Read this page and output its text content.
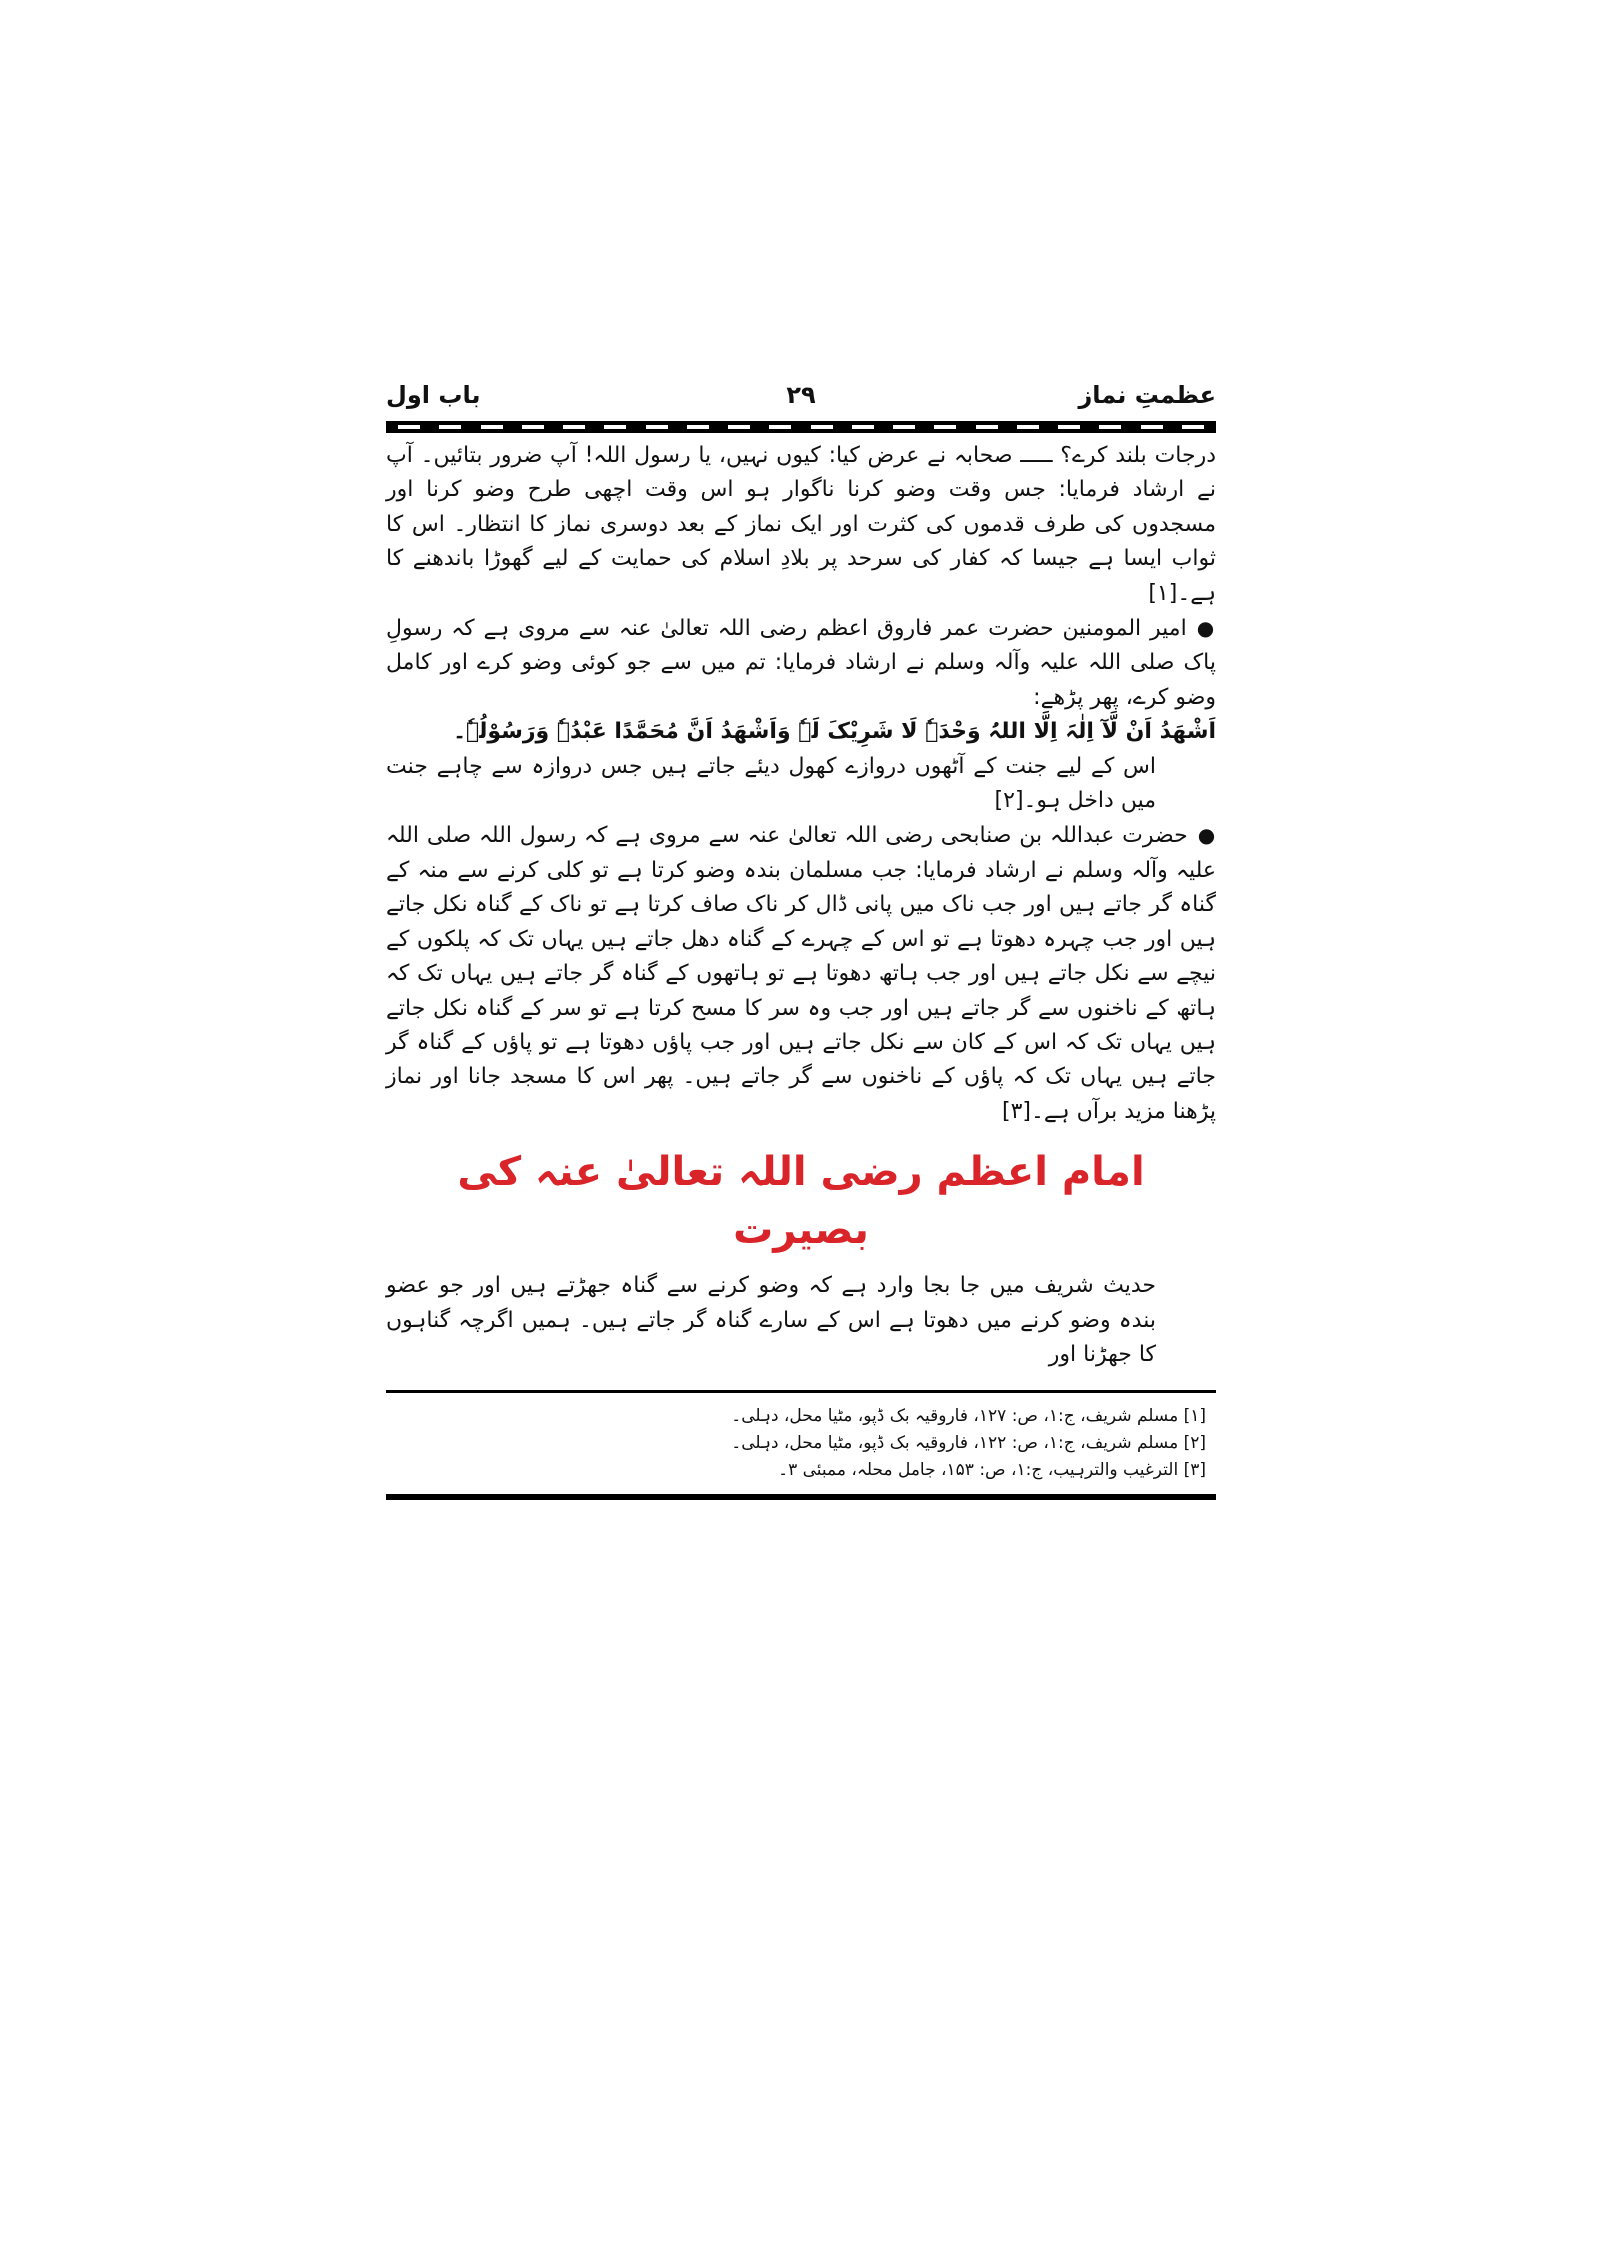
عظمتِ نماز
۲۹
باب اول

درجات بلند کرے؟ ـــــ صحابہ نے عرض کیا: کیوں نہیں، یا رسول اللہ! آپ ضرور بتائیں۔ آپ نے ارشاد فرمایا: جس وقت وضو کرنا ناگوار ہو اس وقت اچھی طرح وضو کرنا اور مسجدوں کی طرف قدموں کی کثرت اور ایک نماز کے بعد دوسری نماز کا انتظار۔ اس کا ثواب ایسا ہے جیسا کہ کفار کی سرحد پر بلادِ اسلام کی حمایت کے لیے گھوڑا باندھنے کا ہے۔[۱]

● امیر المومنین حضرت عمر فاروق اعظم رضی اللہ تعالیٰ عنہ سے مروی ہے کہ رسولِ پاک صلی اللہ علیہ وآلہ وسلم نے ارشاد فرمایا: تم میں سے جو کوئی وضو کرے اور کامل وضو کرے، پھر پڑھے:

اَشْھَدُ اَنْ لَّآ اِلٰہَ اِلَّا اللہُ وَحْدَہٗ لَا شَرِیْکَ لَہٗ وَاَشْھَدُ اَنَّ مُحَمَّدًا عَبْدُہٗ وَرَسُوْلُہٗ۔

اس کے لیے جنت کے آٹھوں دروازے کھول دیئے جاتے ہیں جس دروازہ سے چاہے جنت میں داخل ہو۔[۲]

● حضرت عبداللہ بن صنابحی رضی اللہ تعالیٰ عنہ سے مروی ہے کہ رسول اللہ صلی اللہ علیہ وآلہ وسلم نے ارشاد فرمایا: جب مسلمان بندہ وضو کرتا ہے تو کلی کرنے سے منہ کے گناہ گر جاتے ہیں اور جب ناک میں پانی ڈال کر ناک صاف کرتا ہے تو ناک کے گناہ نکل جاتے ہیں اور جب چہرہ دھوتا ہے تو اس کے چہرے کے گناہ دھل جاتے ہیں یہاں تک کہ پلکوں کے نیچے سے نکل جاتے ہیں اور جب ہاتھ دھوتا ہے تو ہاتھوں کے گناہ گر جاتے ہیں یہاں تک کہ ہاتھ کے ناخنوں سے گر جاتے ہیں اور جب وہ سر کا مسح کرتا ہے تو سر کے گناہ نکل جاتے ہیں یہاں تک کہ اس کے کان سے نکل جاتے ہیں اور جب پاؤں دھوتا ہے تو پاؤں کے گناہ گر جاتے ہیں یہاں تک کہ پاؤں کے ناخنوں سے گر جاتے ہیں۔ پھر اس کا مسجد جانا اور نماز پڑھنا مزید برآں ہے۔[۳]

امام اعظم رضی اللہ تعالیٰ عنہ کی بصیرت

حدیث شریف میں جا بجا وارد ہے کہ وضو کرنے سے گناہ جھڑتے ہیں اور جو عضو بندہ وضو کرنے میں دھوتا ہے اس کے سارے گناہ گر جاتے ہیں۔ ہمیں اگرچہ گناہوں کا جھڑنا اور

[۱] مسلم شریف، ج:۱، ص: ۱۲۷، فاروقیہ بک ڈپو، مٹیا محل، دہلی۔

[۲] مسلم شریف، ج:۱، ص: ۱۲۲، فاروقیہ بک ڈپو، مٹیا محل، دہلی۔

[۳] الترغیب والترہیب، ج:۱، ص: ۱۵۳، جامل محلہ، ممبئی ۳۔
